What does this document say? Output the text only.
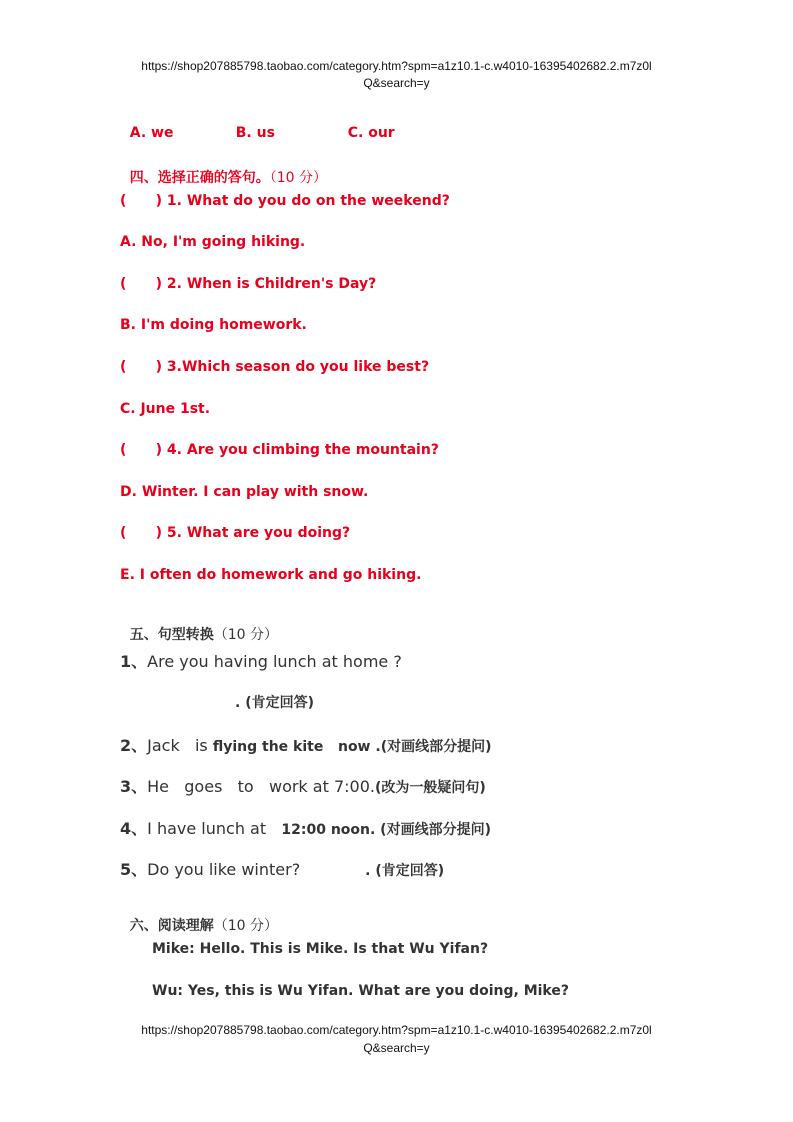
https://shop207885798.taobao.com/category.htm?spm=a1z10.1-c.w4010-16395402682.2.m7z0l
Q&search=y

A. we	B. us	C. our

四、选择正确的答句。（10 分）

(      ) 1. What do you do on the weekend?
A. No, I'm going hiking.
(      ) 2. When is Children's Day?
B. I'm doing homework.
(      ) 3.Which season do you like best?
C. June 1st.
(      ) 4. Are you climbing the mountain?
D. Winter. I can play with snow.
(      ) 5. What are you doing?
E. I often do homework and go hiking.

五、句型转换（10 分）

1、Are you having lunch at home ?
. (肯定回答)
2、Jack   is flying the kite   now .(对画线部分提问)
3、He   goes   to   work at 7:00.(改为一般疑问句)
4、I have lunch at   12:00 noon. (对画线部分提问)
5、Do you like winter?	. (肯定回答)

六、阅读理解（10 分）

Mike: Hello. This is Mike. Is that Wu Yifan?
Wu: Yes, this is Wu Yifan. What are you doing, Mike?
https://shop207885798.taobao.com/category.htm?spm=a1z10.1-c.w4010-16395402682.2.m7z0l
Q&search=y
